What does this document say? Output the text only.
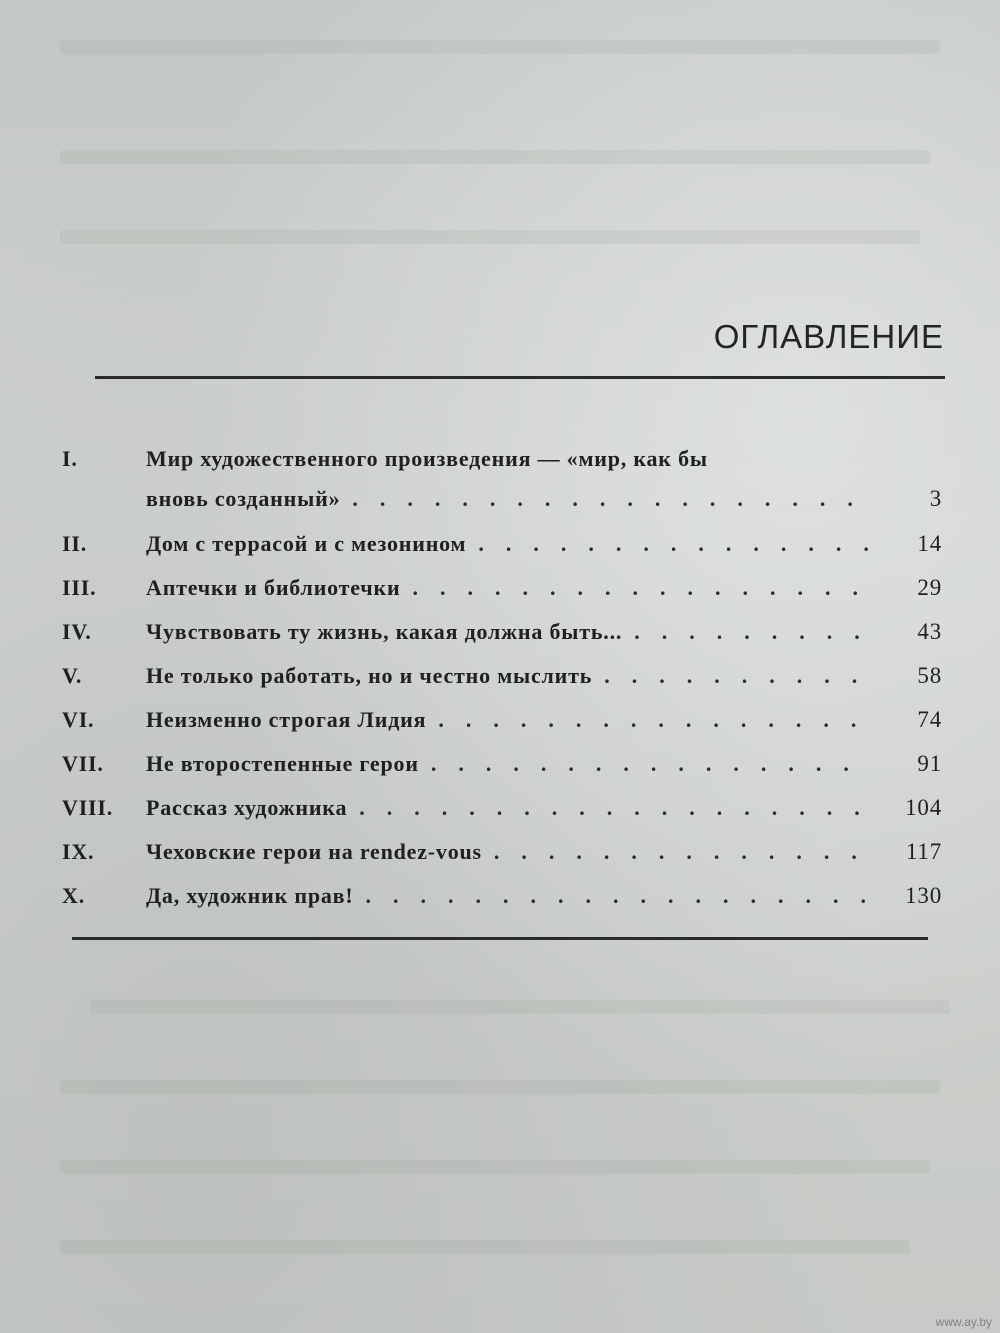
ОГЛАВЛЕНИЕ
I.	Мир художественного произведения — «мир, как бы
вновь созданный» .....	3
II.	Дом с террасой и с мезонином .....	14
III.	Аптечки и библиотечки .....	29
IV.	Чувствовать ту жизнь, какая должна быть... .....	43
V.	Не только работать, но и честно мыслить .....	58
VI.	Неизменно строгая Лидия .....	74
VII.	Не второстепенные герои .....	91
VIII.	Рассказ художника .....	104
IX.	Чеховские герои на rendez-vous .....	117
X.	Да, художник прав! .....	130
www.ay.by
